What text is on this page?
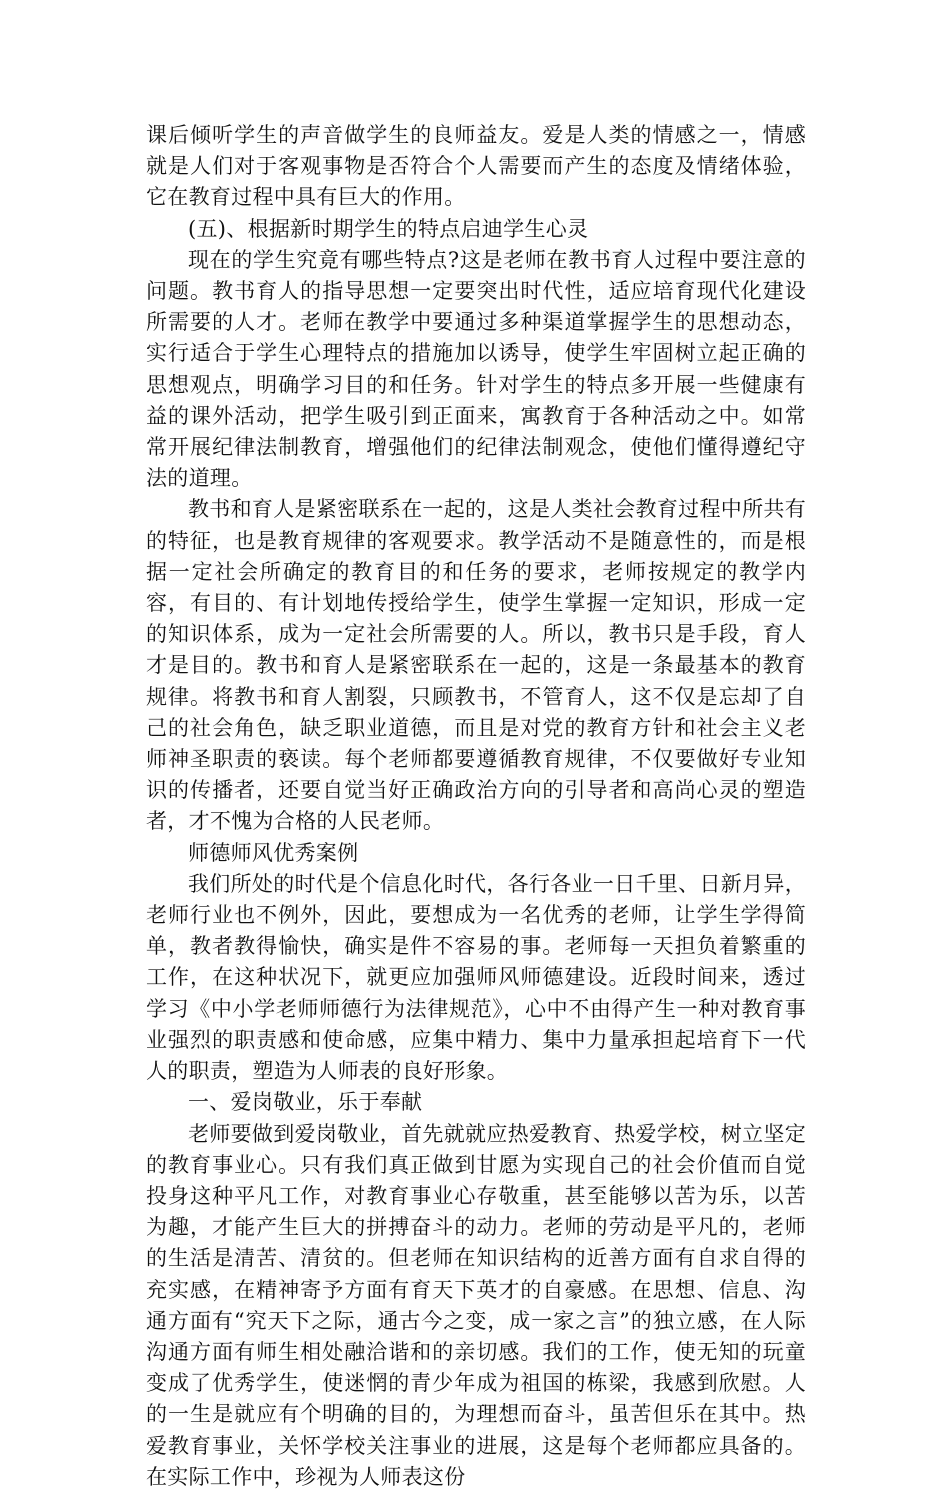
课后倾听学生的声音做学生的良师益友。爱是人类的情感之一，情感就是人们对于客观事物是否符合个人需要而产生的态度及情绪体验，它在教育过程中具有巨大的作用。

(五)、根据新时期学生的特点启迪学生心灵

现在的学生究竟有哪些特点?这是老师在教书育人过程中要注意的问题。教书育人的指导思想一定要突出时代性，适应培育现代化建设所需要的人才。老师在教学中要通过多种渠道掌握学生的思想动态，实行适合于学生心理特点的措施加以诱导，使学生牢固树立起正确的思想观点，明确学习目的和任务。针对学生的特点多开展一些健康有益的课外活动，把学生吸引到正面来，寓教育于各种活动之中。如常常开展纪律法制教育，增强他们的纪律法制观念，使他们懂得遵纪守法的道理。

教书和育人是紧密联系在一起的，这是人类社会教育过程中所共有的特征，也是教育规律的客观要求。教学活动不是随意性的，而是根据一定社会所确定的教育目的和任务的要求，老师按规定的教学内容，有目的、有计划地传授给学生，使学生掌握一定知识，形成一定的知识体系，成为一定社会所需要的人。所以，教书只是手段，育人才是目的。教书和育人是紧密联系在一起的，这是一条最基本的教育规律。将教书和育人割裂，只顾教书，不管育人，这不仅是忘却了自己的社会角色，缺乏职业道德，而且是对党的教育方针和社会主义老师神圣职责的亵读。每个老师都要遵循教育规律，不仅要做好专业知识的传播者，还要自觉当好正确政治方向的引导者和高尚心灵的塑造者，才不愧为合格的人民老师。

师德师风优秀案例

我们所处的时代是个信息化时代，各行各业一日千里、日新月异，老师行业也不例外，因此，要想成为一名优秀的老师，让学生学得简单，教者教得愉快，确实是件不容易的事。老师每一天担负着繁重的工作，在这种状况下，就更应加强师风师德建设。近段时间来，透过学习《中小学老师师德行为法律规范》，心中不由得产生一种对教育事业强烈的职责感和使命感，应集中精力、集中力量承担起培育下一代人的职责，塑造为人师表的良好形象。

一、爱岗敬业，乐于奉献

老师要做到爱岗敬业，首先就就应热爱教育、热爱学校，树立坚定的教育事业心。只有我们真正做到甘愿为实现自己的社会价值而自觉投身这种平凡工作，对教育事业心存敬重，甚至能够以苦为乐，以苦为趣，才能产生巨大的拼搏奋斗的动力。老师的劳动是平凡的，老师的生活是清苦、清贫的。但老师在知识结构的近善方面有自求自得的充实感，在精神寄予方面有育天下英才的自豪感。在思想、信息、沟通方面有“究天下之际，通古今之变，成一家之言”的独立感，在人际沟通方面有师生相处融洽谐和的亲切感。我们的工作，使无知的玩童变成了优秀学生，使迷惘的青少年成为祖国的栋梁，我感到欣慰。人的一生是就应有个明确的目的，为理想而奋斗，虽苦但乐在其中。热爱教育事业，关怀学校关注事业的进展，这是每个老师都应具备的。在实际工作中，珍视为人师表这份
